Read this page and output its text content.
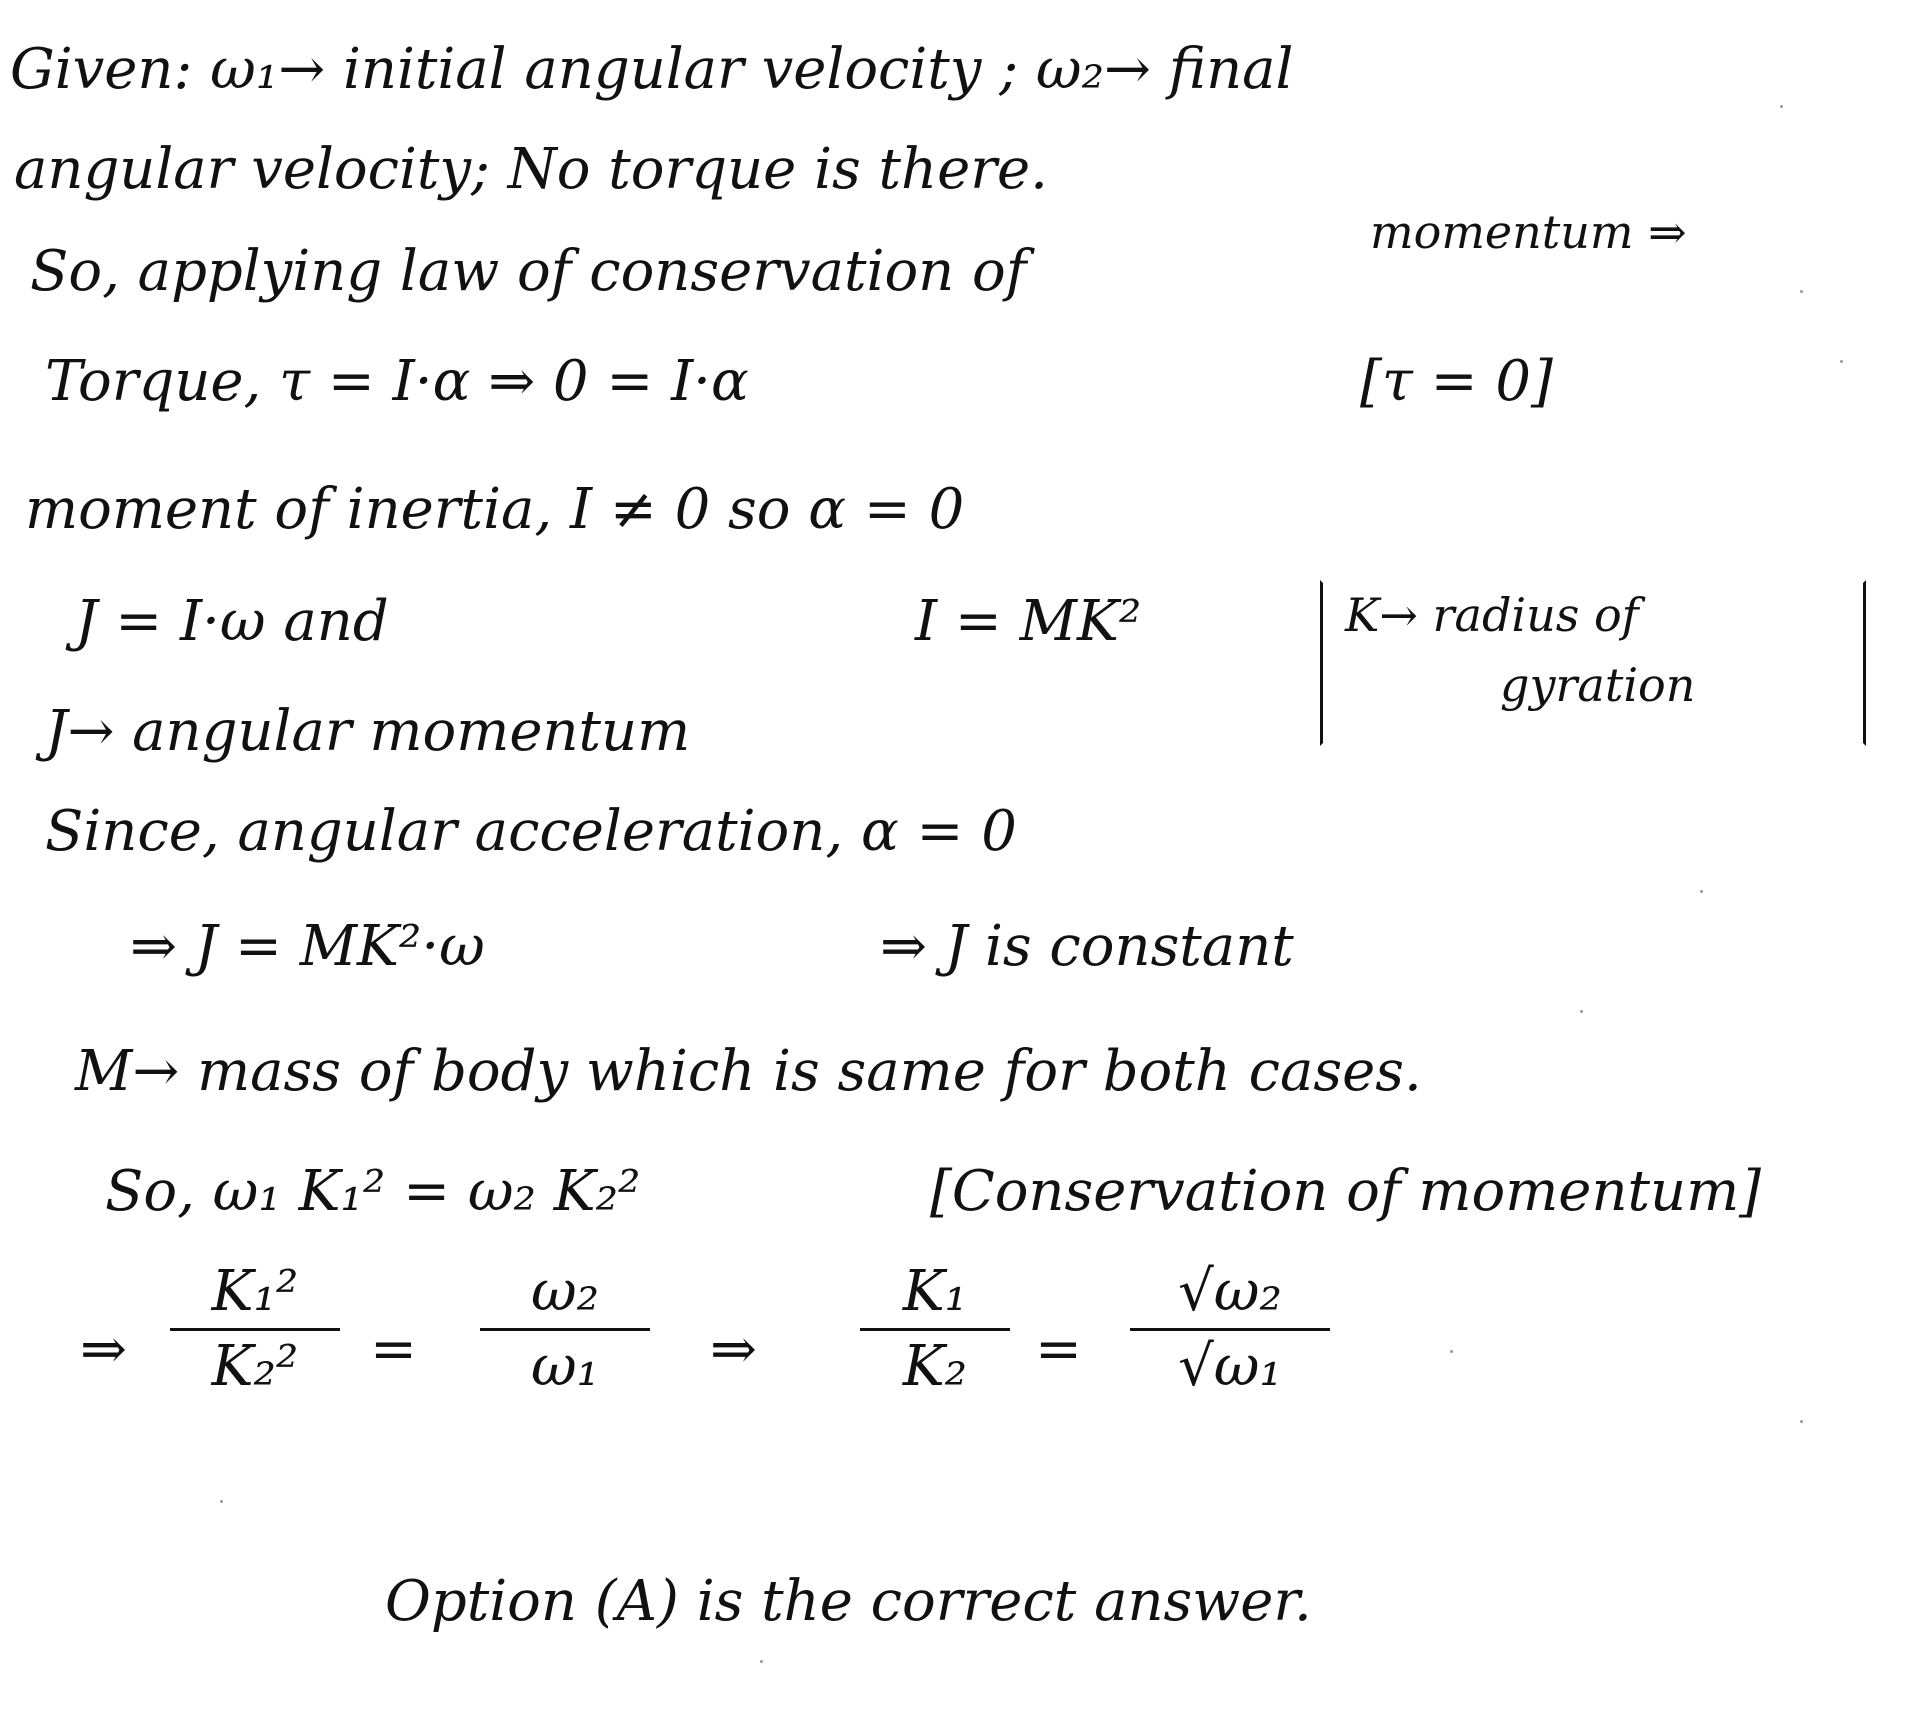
Given: ω₁→ initial angular velocity ; ω₂→ final
angular velocity; No torque is there.
momentum ⇒
So, applying law of conservation of
Torque, τ = I·α ⇒ 0 = I·α	[τ = 0]
moment of inertia, I ≠ 0 so α = 0
J = I·ω and	I = MK²	K→ radius of
gyration
J→ angular momentum
Since, angular acceleration, α = 0
⇒ J = MK²·ω	⇒ J is constant
M→ mass of body which is same for both cases.
So, ω₁ K₁² = ω₂ K₂²	[Conservation of momentum]
⇒
K₁²
K₂²	=
ω₂
ω₁	⇒
K₁
K₂	=
√ω₂
√ω₁
Option (A) is the correct answer.
